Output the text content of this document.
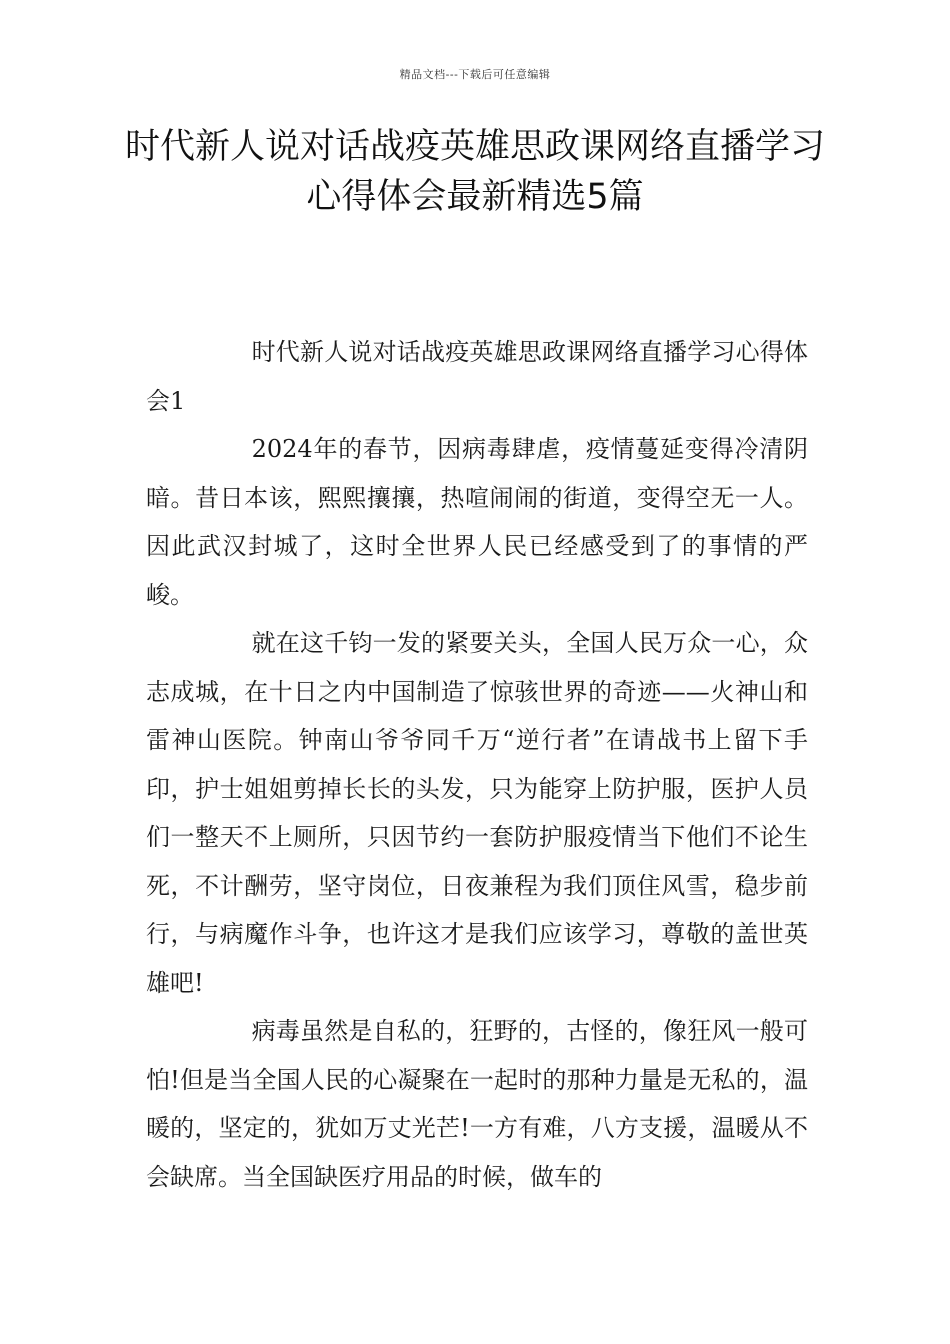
精品文档---下载后可任意编辑
时代新人说对话战疫英雄思政课网络直播学习心得体会最新精选5篇

时代新人说对话战疫英雄思政课网络直播学习心得体会1

2024年的春节，因病毒肆虐，疫情蔓延变得冷清阴暗。昔日本该，熙熙攘攘，热喧闹闹的街道，变得空无一人。因此武汉封城了，这时全世界人民已经感受到了的事情的严峻。

就在这千钧一发的紧要关头，全国人民万众一心，众志成城，在十日之内中国制造了惊骇世界的奇迹——火神山和雷神山医院。钟南山爷爷同千万“逆行者”在请战书上留下手印，护士姐姐剪掉长长的头发，只为能穿上防护服，医护人员们一整天不上厕所，只因节约一套防护服疫情当下他们不论生死，不计酬劳，坚守岗位，日夜兼程为我们顶住风雪，稳步前行，与病魔作斗争，也许这才是我们应该学习，尊敬的盖世英雄吧!

病毒虽然是自私的，狂野的，古怪的，像狂风一般可怕!但是当全国人民的心凝聚在一起时的那种力量是无私的，温暖的，坚定的，犹如万丈光芒!一方有难，八方支援，温暖从不会缺席。当全国缺医疗用品的时候，做车的
